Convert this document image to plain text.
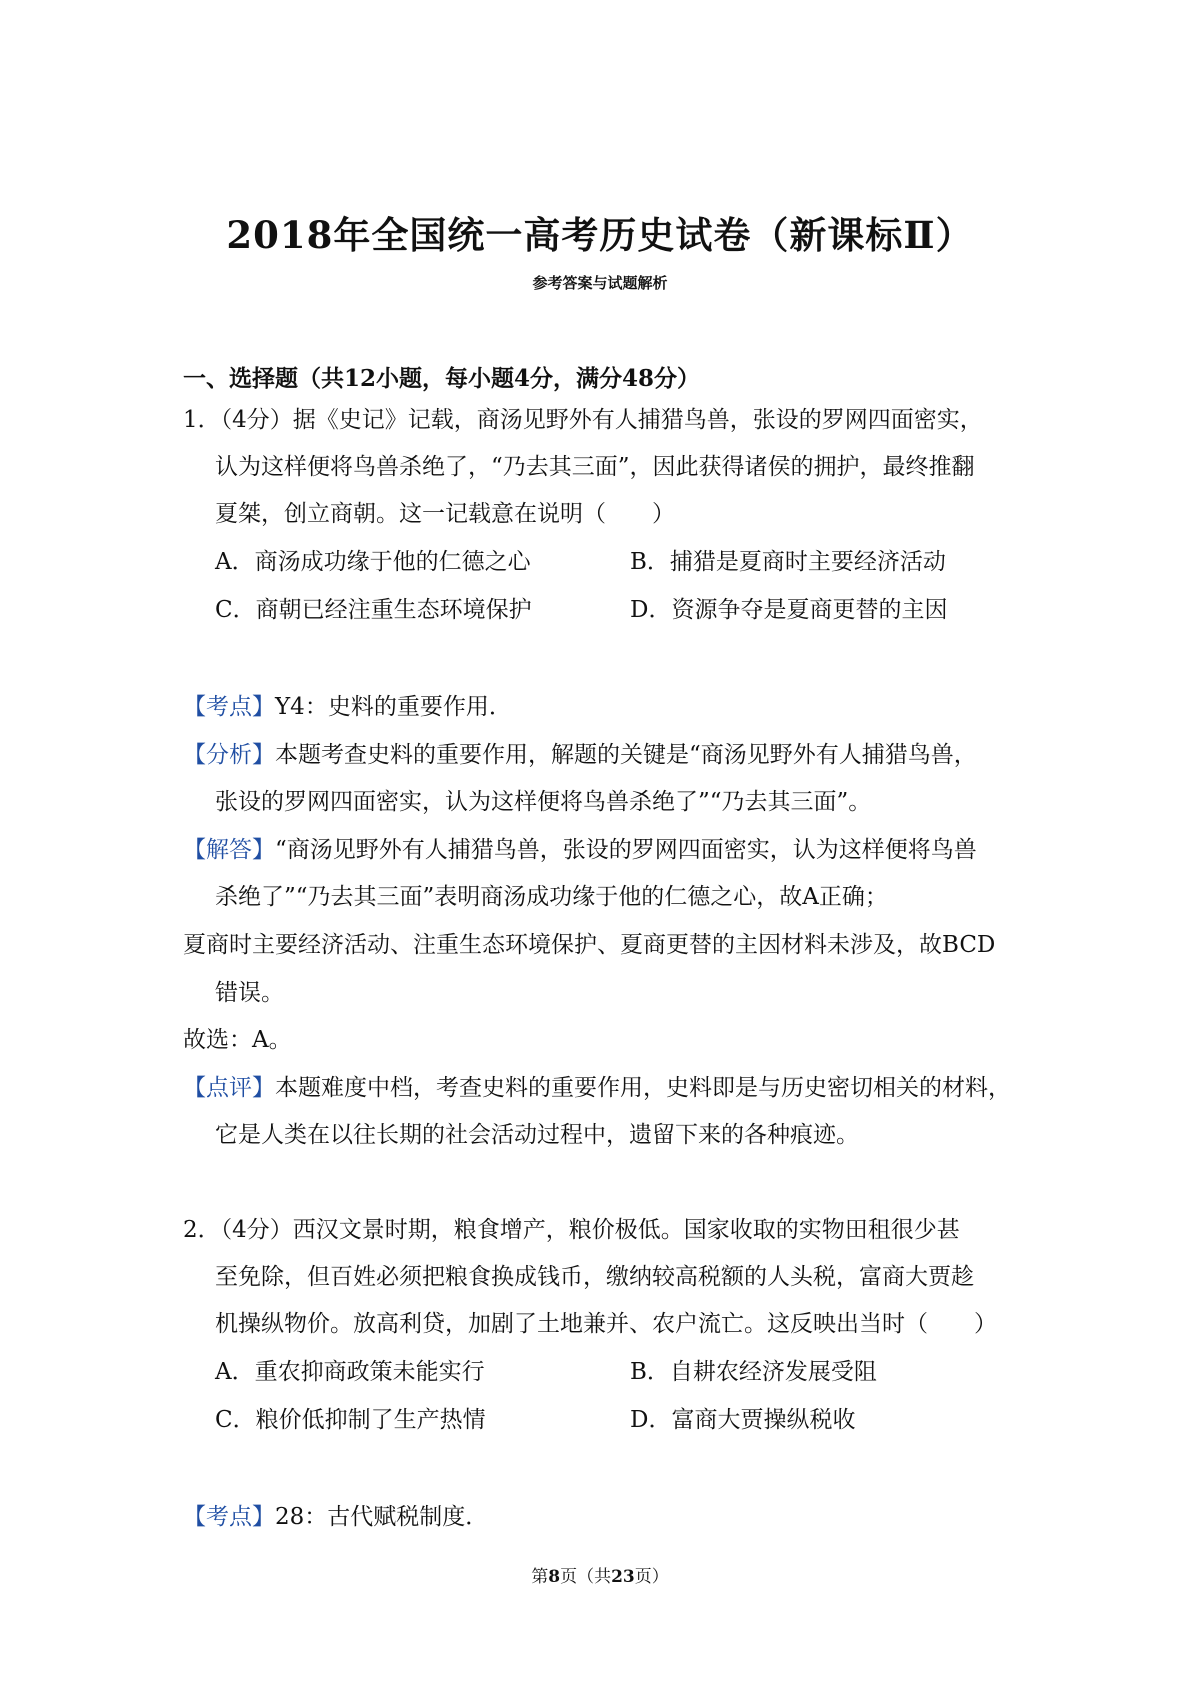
2018年全国统一高考历史试卷（新课标Ⅱ）
参考答案与试题解析
一、选择题（共12小题，每小题4分，满分48分）
1．（4分）据《史记》记载，商汤见野外有人捕猎鸟兽，张设的罗网四面密实，
认为这样便将鸟兽杀绝了，“乃去其三面”，因此获得诸侯的拥护，最终推翻
夏桀，创立商朝。这一记载意在说明（　　）
A．商汤成功缘于他的仁德之心	B．捕猎是夏商时主要经济活动
C．商朝已经注重生态环境保护	D．资源争夺是夏商更替的主因
【考点】Y4：史料的重要作用．
【分析】本题考查史料的重要作用，解题的关键是“商汤见野外有人捕猎鸟兽，
张设的罗网四面密实，认为这样便将鸟兽杀绝了”“乃去其三面”。
【解答】“商汤见野外有人捕猎鸟兽，张设的罗网四面密实，认为这样便将鸟兽
杀绝了”“乃去其三面”表明商汤成功缘于他的仁德之心，故A正确；
夏商时主要经济活动、注重生态环境保护、夏商更替的主因材料未涉及，故BCD
错误。
故选：A。
【点评】本题难度中档，考查史料的重要作用，史料即是与历史密切相关的材料，
它是人类在以往长期的社会活动过程中，遗留下来的各种痕迹。
2．（4分）西汉文景时期，粮食增产，粮价极低。国家收取的实物田租很少甚
至免除，但百姓必须把粮食换成钱币，缴纳较高税额的人头税，富商大贾趁
机操纵物价。放高利贷，加剧了土地兼并、农户流亡。这反映出当时（　　）
A．重农抑商政策未能实行	B．自耕农经济发展受阻
C．粮价低抑制了生产热情	D．富商大贾操纵税收
【考点】28：古代赋税制度．
第8页（共23页）
